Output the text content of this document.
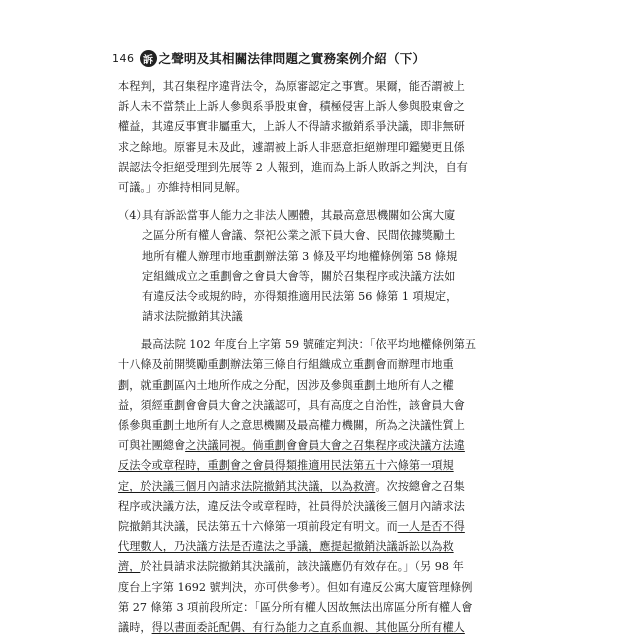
146 訴 之聲明及其相關法律問題之實務案例介紹（下）
本程判，其召集程序違背法令，為原審認定之事實。果爾，能否謂被上
訴人未不當禁止上訴人參與系爭股東會，積極侵害上訴人參與股東會之
權益，其違反事實非屬重大，上訴人不得請求撤銷系爭決議，即非無研
求之餘地。原審見未及此，遽謂被上訴人非惡意拒絕辦理印鑑變更且係
誤認法令拒絕受理到先展等 2 人報到，進而為上訴人敗訴之判決，自有
可議。」亦維持相同見解。
（4）
具有訴訟當事人能力之非法人團體，其最高意思機關如公寓大廈
之區分所有權人會議、祭祀公業之派下員大會、民間依據獎勵土
地所有權人辦理市地重劃辦法第 3 條及平均地權條例第 58 條規
定組織成立之重劃會之會員大會等，關於召集程序或決議方法如
有違反法令或規約時，亦得類推適用民法第 56 條第 1 項規定，
請求法院撤銷其決議
最高法院 102 年度台上字第 59 號確定判決：「依平均地權條例第五
十八條及前開獎勵重劃辦法第三條自行組織成立重劃會而辦理市地重
劃，就重劃區內土地所作成之分配，因涉及參與重劃土地所有人之權
益，須經重劃會會員大會之決議認可，具有高度之自治性，該會員大會
係參與重劃土地所有人之意思機關及最高權力機關，所為之決議性質上
可與社團總會之決議同視。倘重劃會會員大會之召集程序或決議方法違
反法令或章程時，重劃會之會員得類推適用民法第五十六條第一項規
定，於決議三個月內請求法院撤銷其決議，以為救濟。次按總會之召集
程序或決議方法，違反法令或章程時，社員得於決議後三個月內請求法
院撤銷其決議，民法第五十六條第一項前段定有明文。而一人是否不得
代理數人，乃決議方法是否違法之爭議，應提起撤銷決議訴訟以為救
濟，於社員請求法院撤銷其決議前，該決議應仍有效存在。」（另 98 年
度台上字第 1692 號判決，亦可供參考）。但如有違反公寓大廈管理條例
第 27 條第 3 項前段所定：「區分所有權人因故無法出席區分所有權人會
議時，得以書面委託配偶、有行為能力之直系血親、其他區分所有權人
